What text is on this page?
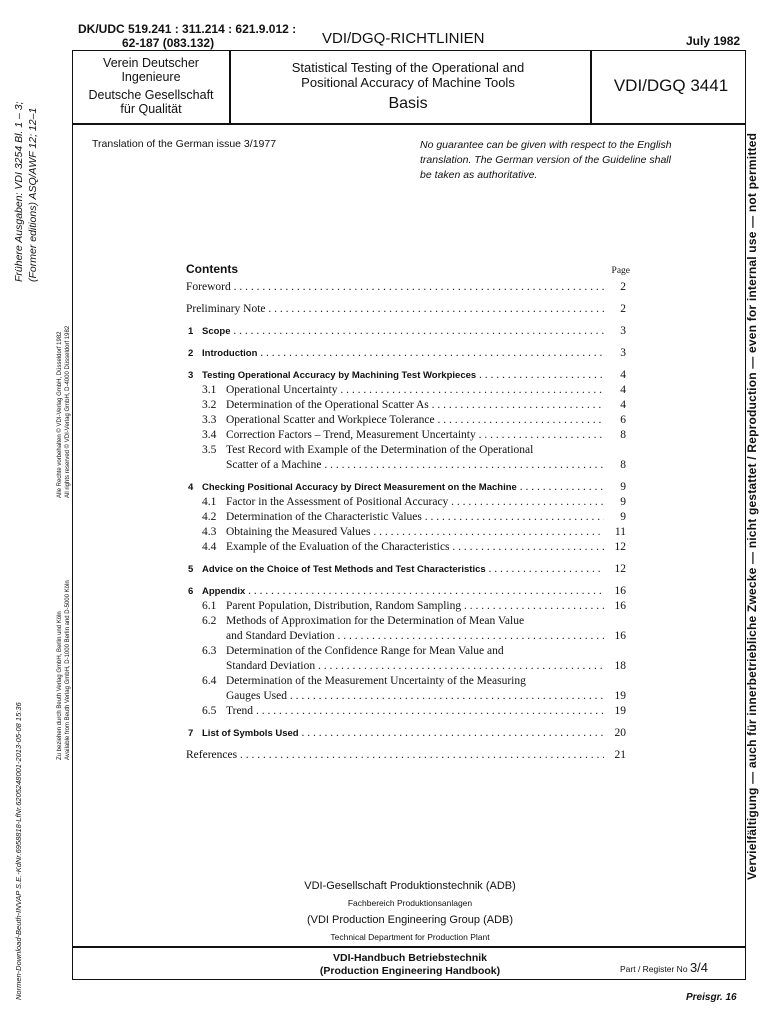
DK/UDC 519.241 : 311.214 : 621.9.012 :
62-187 (083.132)	VDI/DGQ-RICHTLINIEN	July 1982
Verein Deutscher
Ingenieure
Deutsche Gesellschaft
für Qualität
Statistical Testing of the Operational and
Positional Accuracy of Machine Tools
Basis
VDI/DGQ 3441
Translation of the German issue 3/1977	No guarantee can be given with respect to the English translation. The German version of the Guideline shall be taken as authoritative.
Contents	Page
Foreword . . .	2
Preliminary Note . . .	2
1 Scope . . .	3
2 Introduction . . .	3
3 Testing Operational Accuracy by Machining Test Workpieces . . .	4
3.1 Operational Uncertainty . . .	4
3.2 Determination of the Operational Scatter As . . .	4
3.3 Operational Scatter and Workpiece Tolerance . . .	6
3.4 Correction Factors – Trend, Measurement Uncertainty . . .	8
3.5 Test Record with Example of the Determination of the Operational
Scatter of a Machine . . .	8
4 Checking Positional Accuracy by Direct Measurement on the Machine . . .	9
4.1 Factor in the Assessment of Positional Accuracy . . .	9
4.2 Determination of the Characteristic Values . . .	9
4.3 Obtaining the Measured Values . . .	11
4.4 Example of the Evaluation of the Characteristics . . .	12
5 Advice on the Choice of Test Methods and Test Characteristics . . .	12
6 Appendix . . .	16
6.1 Parent Population, Distribution, Random Sampling . . .	16
6.2 Methods of Approximation for the Determination of Mean Value
and Standard Deviation . . .	16
6.3 Determination of the Confidence Range for Mean Value and
Standard Deviation . . .	18
6.4 Determination of the Measurement Uncertainty of the Measuring
Gauges Used . . .	19
6.5 Trend . . .	19
7 List of Symbols Used . . .	20
References . . .	21
VDI-Gesellschaft Produktionstechnik (ADB)
Fachbereich Produktionsanlagen
(VDI Production Engineering Group (ADB)
Technical Department for Production Plant
VDI-Handbuch Betriebstechnik
(Production Engineering Handbook)	Part / Register No 3/4
Preisgr. 16
Frühere Ausgaben: VDI 3254 Bl. 1 – 3; (Former editions) ASQ/AWF 12; 12–1
Alle Rechte vorbehalten © VDI-Verlag GmbH, Düsseldorf 1982 All rights reserved © VDI-Verlag GmbH, D-4000 Düsseldorf 1982
Zu beziehen durch Beuth Verlag GmbH, Berlin und Köln Available from Beuth Verlag GmbH, D-1000 Berlin and D-5000 Köln
Normen-Download-Beuth-INVAP S.E.-KdNr.6958818-LfNr.6205248001-2013-05-08 15:36	Vervielfältigung — auch für innerbetriebliche Zwecke — nicht gestattet / Reproduction — even for internal use — not permitted
